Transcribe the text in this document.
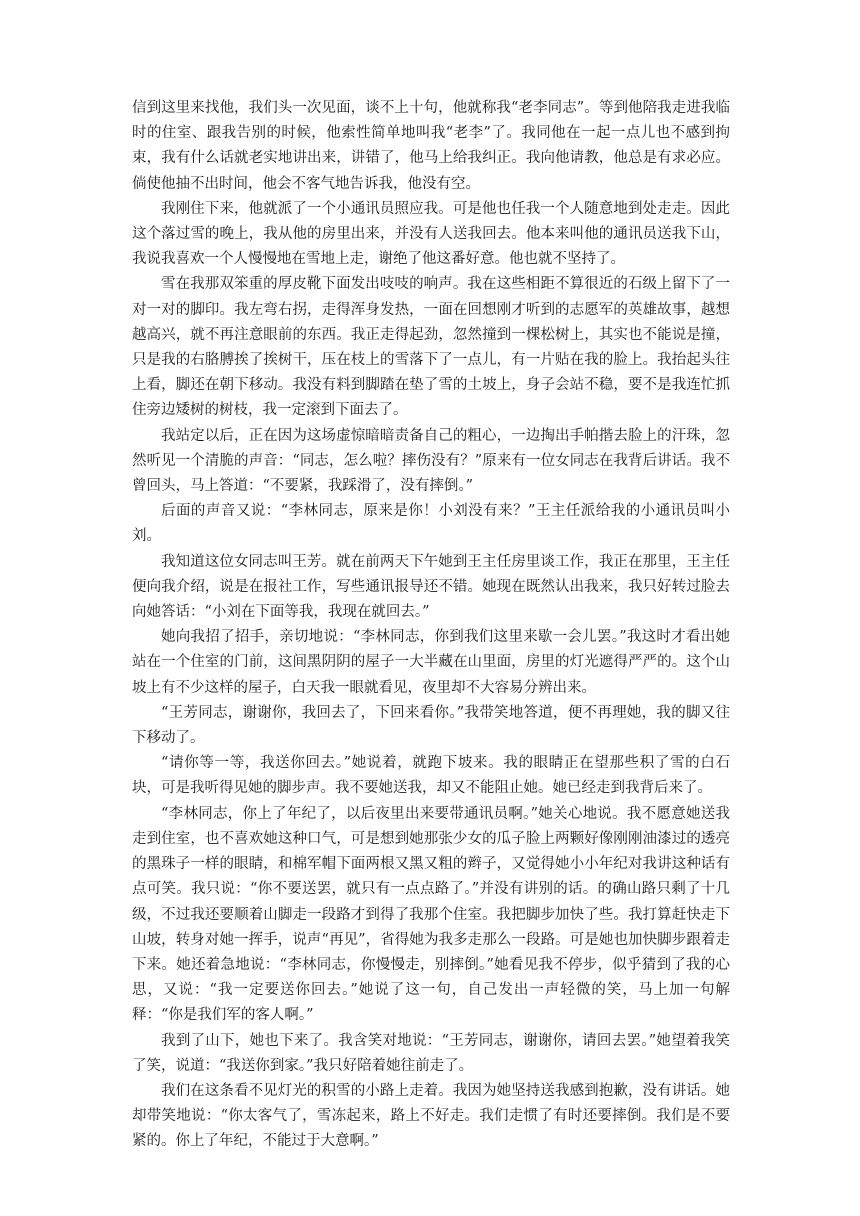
信到这里来找他，我们头一次见面，谈不上十句，他就称我“老李同志”。等到他陪我走进我临时的住室、跟我告别的时候，他索性简单地叫我“老李”了。我同他在一起一点儿也不感到拘束，我有什么话就老实地讲出来，讲错了，他马上给我纠正。我向他请教，他总是有求必应。倘使他抽不出时间，他会不客气地告诉我，他没有空。

我刚住下来，他就派了一个小通讯员照应我。可是他也任我一个人随意地到处走走。因此这个落过雪的晚上，我从他的房里出来，并没有人送我回去。他本来叫他的通讯员送我下山，我说我喜欢一个人慢慢地在雪地上走，谢绝了他这番好意。他也就不坚持了。

雪在我那双笨重的厚皮靴下面发出吱吱的响声。我在这些相距不算很近的石级上留下了一对一对的脚印。我左弯右拐，走得浑身发热，一面在回想刚才听到的志愿军的英雄故事，越想越高兴，就不再注意眼前的东西。我正走得起劲，忽然撞到一棵松树上，其实也不能说是撞，只是我的右胳膊挨了挨树干，压在枝上的雪落下了一点儿，有一片贴在我的脸上。我抬起头往上看，脚还在朝下移动。我没有料到脚踏在垫了雪的土坡上，身子会站不稳，要不是我连忙抓住旁边矮树的树枝，我一定滚到下面去了。

我站定以后，正在因为这场虚惊暗暗责备自己的粗心，一边掏出手帕揩去脸上的汗珠，忽然听见一个清脆的声音：“同志，怎么啦？摔伤没有？”原来有一位女同志在我背后讲话。我不曾回头，马上答道：“不要紧，我踩滑了，没有摔倒。”

后面的声音又说：“李林同志，原来是你！小刘没有来？”王主任派给我的小通讯员叫小刘。

我知道这位女同志叫王芳。就在前两天下午她到王主任房里谈工作，我正在那里，王主任便向我介绍，说是在报社工作，写些通讯报导还不错。她现在既然认出我来，我只好转过脸去向她答话：“小刘在下面等我，我现在就回去。”

她向我招了招手，亲切地说：“李林同志，你到我们这里来歇一会儿罢。”我这时才看出她站在一个住室的门前，这间黑阴阴的屋子一大半藏在山里面，房里的灯光遮得严严的。这个山坡上有不少这样的屋子，白天我一眼就看见，夜里却不大容易分辨出来。

“王芳同志，谢谢你，我回去了，下回来看你。”我带笑地答道，便不再理她，我的脚又往下移动了。

“请你等一等，我送你回去。”她说着，就跑下坡来。我的眼睛正在望那些积了雪的白石块，可是我听得见她的脚步声。我不要她送我，却又不能阻止她。她已经走到我背后来了。

“李林同志，你上了年纪了，以后夜里出来要带通讯员啊。”她关心地说。我不愿意她送我走到住室，也不喜欢她这种口气，可是想到她那张少女的瓜子脸上两颗好像刚刚油漆过的透亮的黑珠子一样的眼睛，和棉军帽下面两根又黑又粗的辫子，又觉得她小小年纪对我讲这种话有点可笑。我只说：“你不要送罢，就只有一点点路了。”并没有讲别的话。的确山路只剩了十几级，不过我还要顺着山脚走一段路才到得了我那个住室。我把脚步加快了些。我打算赶快走下山坡，转身对她一挥手，说声“再见”，省得她为我多走那么一段路。可是她也加快脚步跟着走下来。她还着急地说：“李林同志，你慢慢走，别摔倒。”她看见我不停步，似乎猜到了我的心思，又说：“我一定要送你回去。”她说了这一句，自己发出一声轻微的笑，马上加一句解释：“你是我们军的客人啊。”

我到了山下，她也下来了。我含笑对地说：“王芳同志，谢谢你，请回去罢。”她望着我笑了笑，说道：“我送你到家。”我只好陪着她往前走了。

我们在这条看不见灯光的积雪的小路上走着。我因为她坚持送我感到抱歉，没有讲话。她却带笑地说：“你太客气了，雪冻起来，路上不好走。我们走惯了有时还要摔倒。我们是不要紧的。你上了年纪，不能过于大意啊。”
